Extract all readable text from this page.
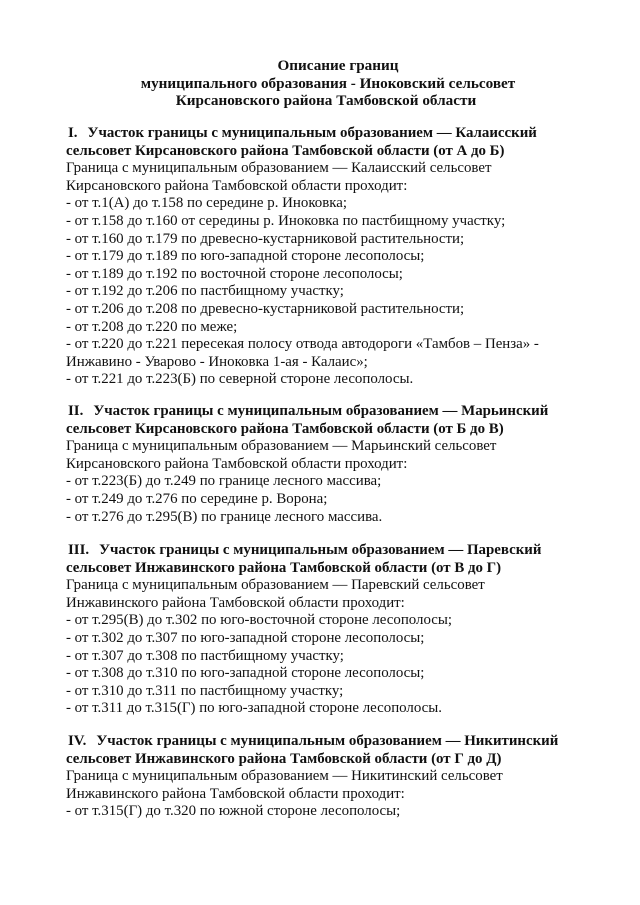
Описание границ
муниципального образования - Иноковский сельсовет
Кирсановского района Тамбовской области
I. Участок границы с муниципальным образованием — Калаисский
сельсовет Кирсановского района Тамбовской области (от А до Б)
Граница с муниципальным образованием — Калаисский сельсовет
Кирсановского района Тамбовской области проходит:
- от т.1(А) до т.158 по середине р. Иноковка;
- от т.158 до т.160 от середины р. Иноковка по пастбищному участку;
- от т.160 до т.179 по древесно-кустарниковой растительности;
- от т.179 до т.189 по юго-западной стороне лесополосы;
- от т.189 до т.192 по восточной стороне лесополосы;
- от т.192 до т.206 по пастбищному участку;
- от т.206 до т.208 по древесно-кустарниковой растительности;
- от т.208 до т.220 по меже;
- от т.220 до т.221 пересекая полосу отвода автодороги «Тамбов – Пенза» -
Инжавино - Уварово - Иноковка 1-ая - Калаис»;
- от т.221 до т.223(Б) по северной стороне лесополосы.
II. Участок границы с муниципальным образованием — Марьинский
сельсовет Кирсановского района Тамбовской области (от Б до В)
Граница с муниципальным образованием — Марьинский сельсовет
Кирсановского района Тамбовской области проходит:
- от т.223(Б) до т.249 по границе лесного массива;
- от т.249 до т.276 по середине р. Ворона;
- от т.276 до т.295(В) по границе лесного массива.
III. Участок границы с муниципальным образованием — Паревский
сельсовет Инжавинского района Тамбовской области (от В до Г)
Граница с муниципальным образованием — Паревский сельсовет
Инжавинского района Тамбовской области проходит:
- от т.295(В) до т.302 по юго-восточной стороне лесополосы;
- от т.302 до т.307 по юго-западной стороне лесополосы;
- от т.307 до т.308 по пастбищному участку;
- от т.308 до т.310 по юго-западной стороне лесополосы;
- от т.310 до т.311 по пастбищному участку;
- от т.311 до т.315(Г) по юго-западной стороне лесополосы.
IV. Участок границы с муниципальным образованием — Никитинский
сельсовет Инжавинского района Тамбовской области (от Г до Д)
Граница с муниципальным образованием — Никитинский сельсовет
Инжавинского района Тамбовской области проходит:
- от т.315(Г) до т.320 по южной стороне лесополосы;
